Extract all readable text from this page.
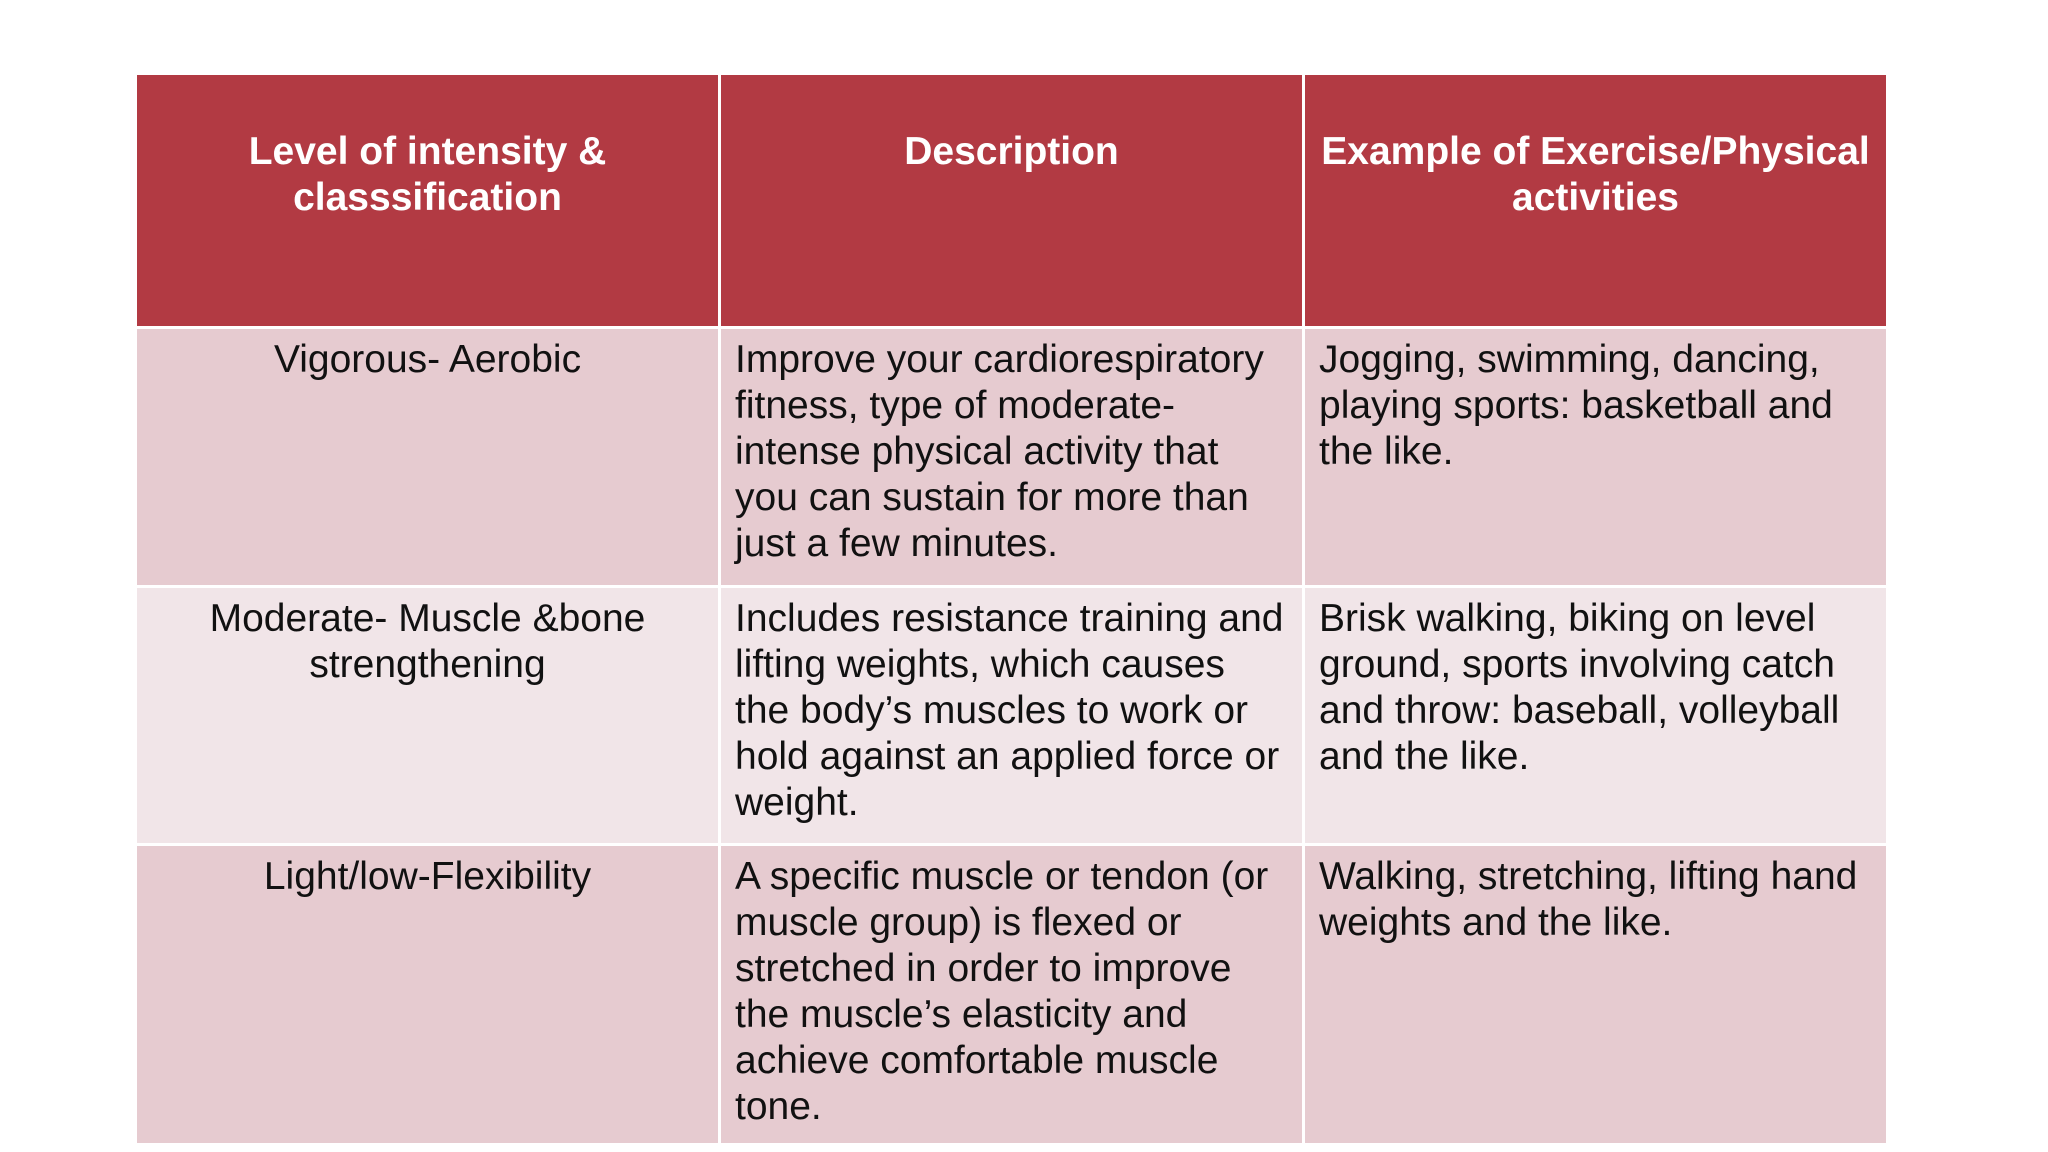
Level of intensity & classsification	Description	Example of Exercise/Physical activities
Vigorous- Aerobic	Improve your cardiorespiratory fitness, type of moderate-intense physical activity that you can sustain for more than just a few minutes.	Jogging, swimming, dancing, playing sports: basketball and the like.
Moderate- Muscle &bone strengthening	Includes resistance training and lifting weights, which causes the body’s muscles to work or hold against an applied force or weight.	Brisk walking, biking on level ground, sports involving catch and throw: baseball, volleyball and the like.
Light/low-Flexibility	A specific muscle or tendon (or muscle group) is flexed or stretched in order to improve the muscle’s elasticity and achieve comfortable muscle tone.	Walking, stretching, lifting hand weights and the like.
